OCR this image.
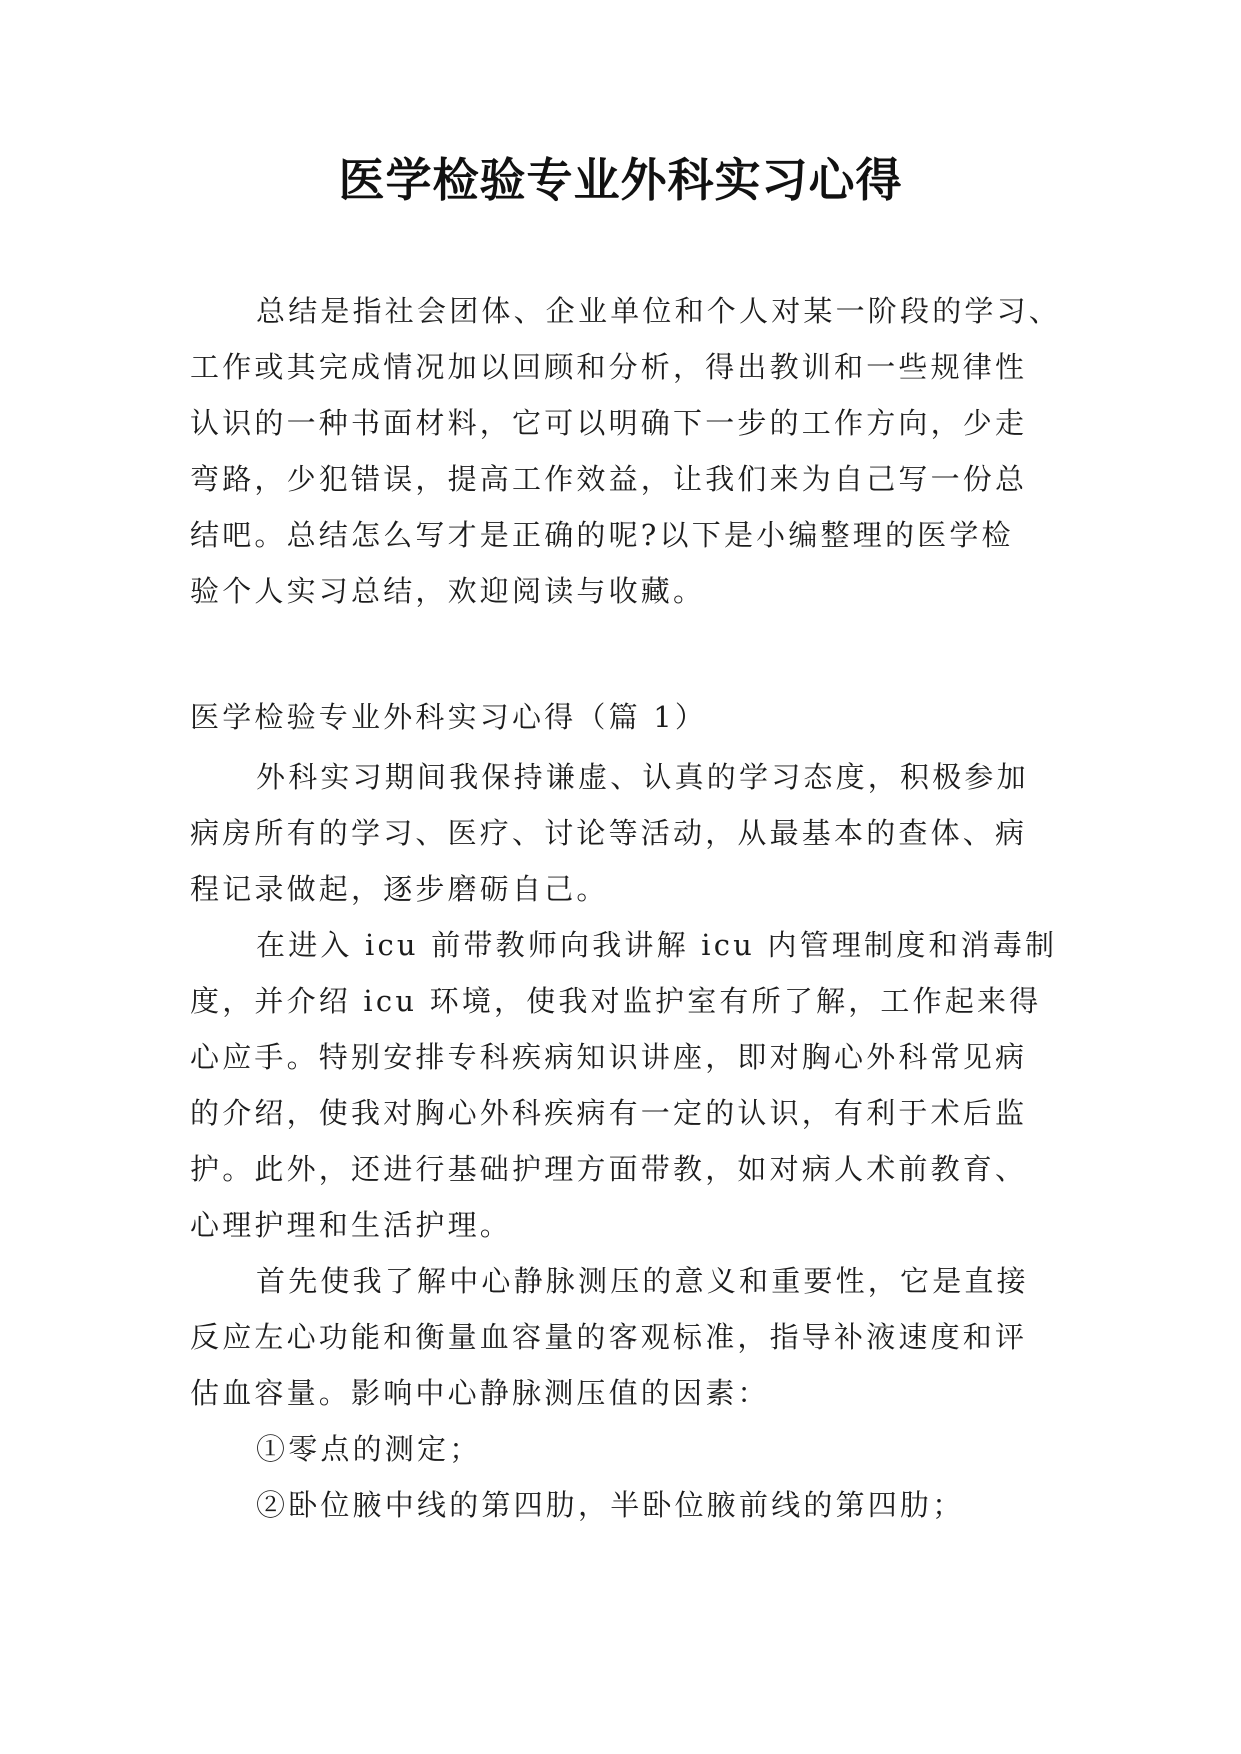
医学检验专业外科实习心得
总结是指社会团体、企业单位和个人对某一阶段的学习、
工作或其完成情况加以回顾和分析，得出教训和一些规律性
认识的一种书面材料，它可以明确下一步的工作方向，少走
弯路，少犯错误，提高工作效益，让我们来为自己写一份总
结吧。总结怎么写才是正确的呢?以下是小编整理的医学检
验个人实习总结，欢迎阅读与收藏。
医学检验专业外科实习心得（篇 1）
外科实习期间我保持谦虚、认真的学习态度，积极参加
病房所有的学习、医疗、讨论等活动，从最基本的查体、病
程记录做起，逐步磨砺自己。
在进入 icu 前带教师向我讲解 icu 内管理制度和消毒制
度，并介绍 icu 环境，使我对监护室有所了解，工作起来得
心应手。特别安排专科疾病知识讲座，即对胸心外科常见病
的介绍，使我对胸心外科疾病有一定的认识，有利于术后监
护。此外，还进行基础护理方面带教，如对病人术前教育、
心理护理和生活护理。
首先使我了解中心静脉测压的意义和重要性，它是直接
反应左心功能和衡量血容量的客观标准，指导补液速度和评
估血容量。影响中心静脉测压值的因素：
①零点的测定；
②卧位腋中线的第四肋，半卧位腋前线的第四肋；
